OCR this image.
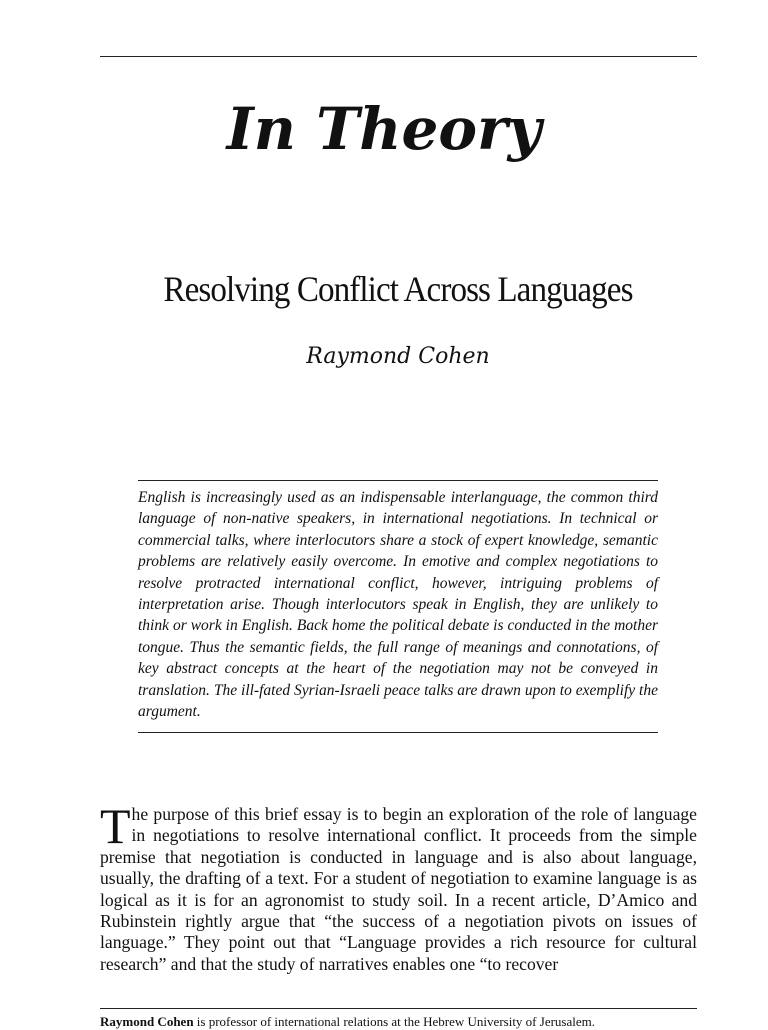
In Theory
Resolving Conflict Across Languages
Raymond Cohen

English is increasingly used as an indispensable interlanguage, the common third language of non-native speakers, in international negotiations. In technical or commercial talks, where interlocutors share a stock of expert knowledge, semantic problems are relatively easily overcome. In emotive and complex negotiations to resolve protracted international conflict, however, intriguing problems of interpretation arise. Though interlocutors speak in English, they are unlikely to think or work in English. Back home the political debate is conducted in the mother tongue. Thus the semantic fields, the full range of meanings and connotations, of key abstract concepts at the heart of the negotiation may not be conveyed in translation. The ill-fated Syrian-Israeli peace talks are drawn upon to exemplify the argument.

The purpose of this brief essay is to begin an exploration of the role of language in negotiations to resolve international conflict. It proceeds from the simple premise that negotiation is conducted in language and is also about language, usually, the drafting of a text. For a student of negotiation to examine language is as logical as it is for an agronomist to study soil. In a recent article, D’Amico and Rubinstein rightly argue that “the success of a negotiation pivots on issues of language.” They point out that “Language provides a rich resource for cultural research” and that the study of narratives enables one “to recover

Raymond Cohen is professor of international relations at the Hebrew University of Jerusalem.
